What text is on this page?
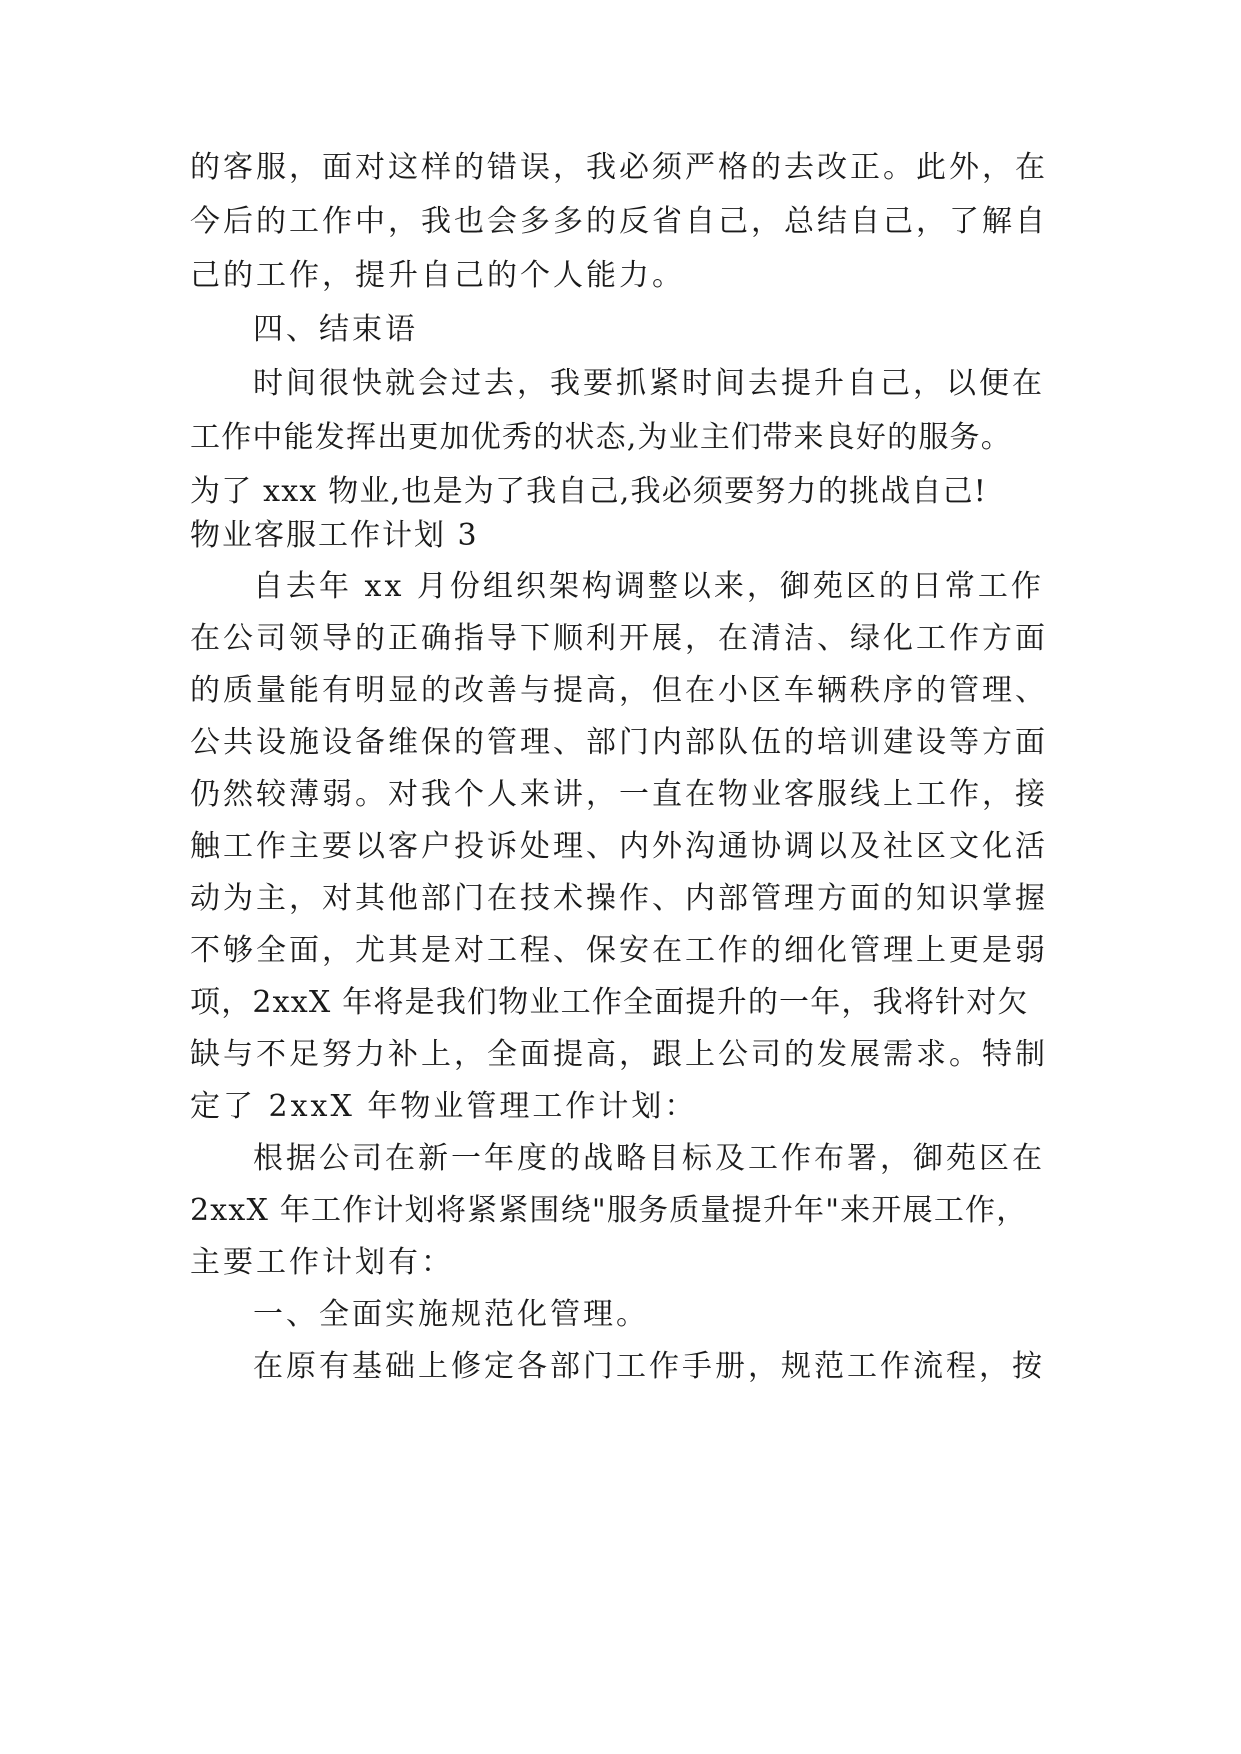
的客服，面对这样的错误，我必须严格的去改正。此外，在
今后的工作中，我也会多多的反省自己，总结自己，了解自
己的工作，提升自己的个人能力。
四、结束语
时间很快就会过去，我要抓紧时间去提升自己，以便在
工作中能发挥出更加优秀的状态,为业主们带来良好的服务。
为了 xxx 物业,也是为了我自己,我必须要努力的挑战自己!
物业客服工作计划 3
自去年 xx 月份组织架构调整以来，御苑区的日常工作
在公司领导的正确指导下顺利开展，在清洁、绿化工作方面
的质量能有明显的改善与提高，但在小区车辆秩序的管理、
公共设施设备维保的管理、部门内部队伍的培训建设等方面
仍然较薄弱。对我个人来讲，一直在物业客服线上工作，接
触工作主要以客户投诉处理、内外沟通协调以及社区文化活
动为主，对其他部门在技术操作、内部管理方面的知识掌握
不够全面，尤其是对工程、保安在工作的细化管理上更是弱
项，2xxX 年将是我们物业工作全面提升的一年，我将针对欠
缺与不足努力补上，全面提高，跟上公司的发展需求。特制
定了 2xxX 年物业管理工作计划：
根据公司在新一年度的战略目标及工作布署，御苑区在
2xxX 年工作计划将紧紧围绕"服务质量提升年"来开展工作，
主要工作计划有：
一、全面实施规范化管理。
在原有基础上修定各部门工作手册，规范工作流程，按
